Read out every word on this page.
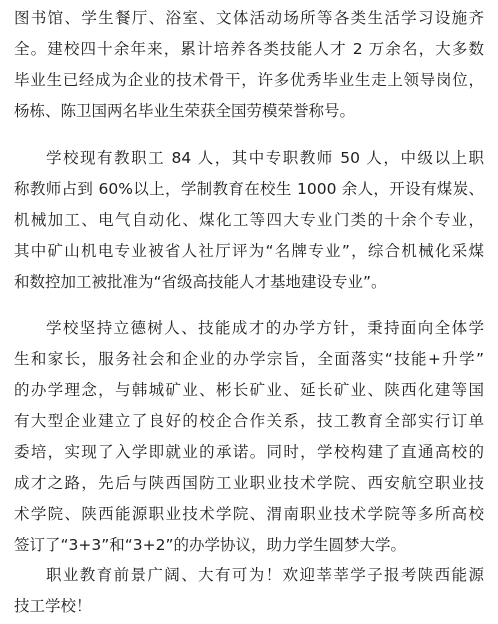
图书馆、学生餐厅、浴室、文体活动场所等各类生活学习设施齐
全。建校四十余年来，累计培养各类技能人才 2 万余名，大多数
毕业生已经成为企业的技术骨干，许多优秀毕业生走上领导岗位，
杨栋、陈卫国两名毕业生荣获全国劳模荣誉称号。
学校现有教职工 84 人，其中专职教师 50 人，中级以上职
称教师占到 60%以上，学制教育在校生 1000 余人，开设有煤炭、
机械加工、电气自动化、煤化工等四大专业门类的十余个专业，
其中矿山机电专业被省人社厅评为“名牌专业”，综合机械化采煤
和数控加工被批准为“省级高技能人才基地建设专业”。
学校坚持立德树人、技能成才的办学方针，秉持面向全体学
生和家长，服务社会和企业的办学宗旨，全面落实“技能+升学”
的办学理念，与韩城矿业、彬长矿业、延长矿业、陕西化建等国
有大型企业建立了良好的校企合作关系，技工教育全部实行订单
委培，实现了入学即就业的承诺。同时，学校构建了直通高校的
成才之路，先后与陕西国防工业职业技术学院、西安航空职业技
术学院、陕西能源职业技术学院、渭南职业技术学院等多所高校
签订了“3+3”和“3+2”的办学协议，助力学生圆梦大学。
职业教育前景广阔、大有可为！欢迎莘莘学子报考陕西能源
技工学校！
